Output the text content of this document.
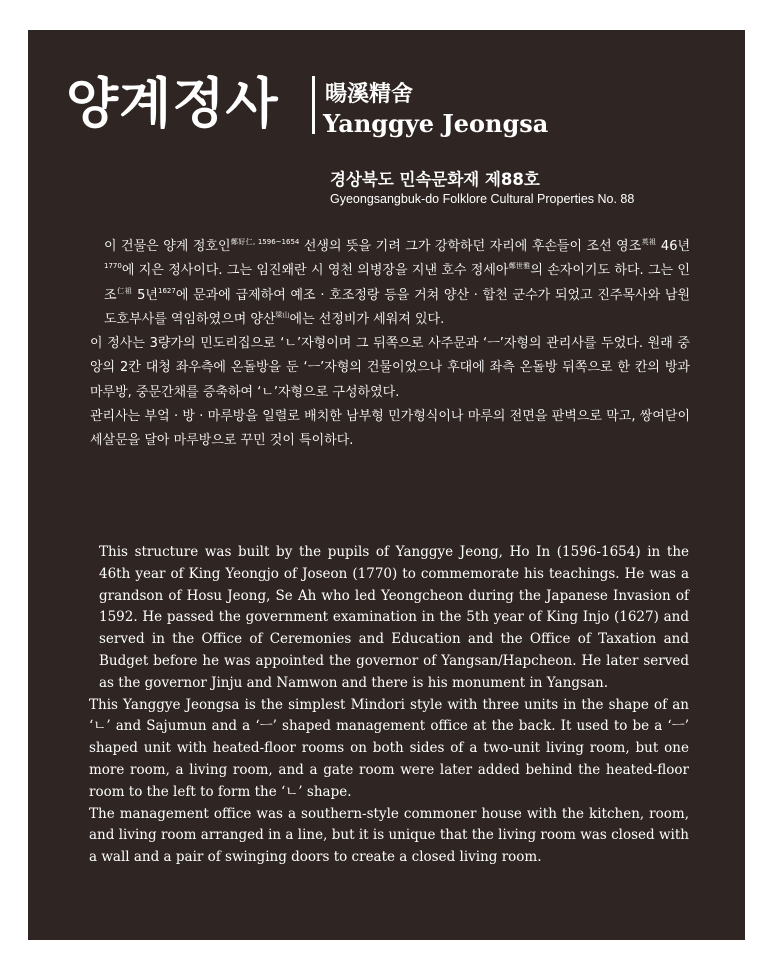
양계정사 暘溪精舍
Yanggye Jeongsa
경상북도 민속문화재 제88호
Gyeongsangbuk-do Folklore Cultural Properties No. 88

이 건물은 양계 정호인$^{鄭好仁, 1596\sim 1654}$ 선생의 뜻을 기려 그가 강학하던 자리에 후손들이 조선 영조$^{英祖}$ 46년$^{1770}$에 지은 정사이다. 그는 임진왜란 시 영천 의병장을 지낸 호수 정세아$^{鄭世雅}$의 손자이기도 하다. 그는 인조$^{仁祖}$ 5년$^{1627}$에 문과에 급제하여 예조 · 호조정랑 등을 거쳐 양산 · 합천 군수가 되었고 진주목사와 남원도호부사를 역임하였으며 양산$^{梁山}$에는 선정비가 세워져 있다.

이 정사는 3량가의 민도리집으로 ‘ㄴ’자형이며 그 뒤쪽으로 사주문과 ‘ㅡ’자형의 관리사를 두었다. 원래 중앙의 2칸 대청 좌우측에 온돌방을 둔 ‘ㅡ’자형의 건물이었으나 후대에 좌측 온돌방 뒤쪽으로 한 칸의 방과 마루방, 중문간채를 증축하여 ‘ㄴ’자형으로 구성하였다.

관리사는 부엌 · 방 · 마루방을 일렬로 배치한 남부형 민가형식이나 마루의 전면을 판벽으로 막고, 쌍여닫이 세살문을 달아 마루방으로 꾸민 것이 특이하다.

This structure was built by the pupils of Yanggye Jeong, Ho In (1596-1654) in the 46th year of King Yeongjo of Joseon (1770) to commemorate his teachings. He was a grandson of Hosu Jeong, Se Ah who led Yeongcheon during the Japanese Invasion of 1592. He passed the government examination in the 5th year of King Injo (1627) and served in the Office of Ceremonies and Education and the Office of Taxation and Budget before he was appointed the governor of Yangsan/Hapcheon. He later served as the governor Jinju and Namwon and there is his monument in Yangsan.

This Yanggye Jeongsa is the simplest Mindori style with three units in the shape of an ‘ㄴ’ and Sajumun and a ‘ㅡ’ shaped management office at the back. It used to be a ‘ㅡ’ shaped unit with heated-floor rooms on both sides of a two-unit living room, but one more room, a living room, and a gate room were later added behind the heated-floor room to the left to form the ‘ㄴ’ shape.

The management office was a southern-style commoner house with the kitchen, room, and living room arranged in a line, but it is unique that the living room was closed with a wall and a pair of swinging doors to create a closed living room.
